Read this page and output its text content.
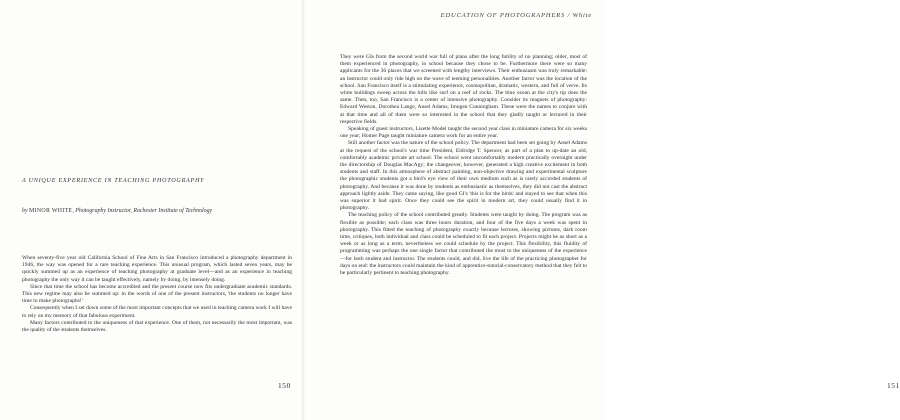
A UNIQUE EXPERIENCE IN TEACHING PHOTOGRAPHY
by MINOR WHITE, Photography Instructor, Rochester Institute of Technology

When seventy-five year old California School of Fine Arts in San Francisco introduced a photography department in 1946, the way was opened for a rare teaching experience. This unusual program, which lasted seven years, may be quickly summed up as an experience of teaching photography at graduate level—and as an experience in teaching photography the only way it can be taught effectively, namely by doing, by intensely doing.

Since that time the school has become accredited and the present course now fits undergraduate academic standards. This new regime may also be summed up: in the words of one of the present instructors, 'the students no longer have time to make photographs!'

Consequently when I set down some of the most important concepts that we used in teaching camera work I will have to rely on my memory of that fabulous experiment.

Many factors contributed to the uniqueness of that experience. One of them, not necessarily the most important, was the quality of the students themselves.

150
EDUCATION OF PHOTOGRAPHERS / White
151

They were GIs from the second world war full of plans after the long futility of no planning; older, most of them experienced in photography, in school because they chose to be. Furthermore there were so many applicants for the 36 places that we screened with lengthy interviews. Their enthusiasm was truly remarkable: an instructor could only ride high on the wave of teeming personalities. Another factor was the location of the school. San Francisco itself is a stimulating experience, cosmopolitan, dramatic, western, and full of verve. Its white buildings sweep across the hills like surf on a reef of rocks. The blue ocean at the city's tip does the same. Then, too, San Francisco is a center of intensive photography. Consider its magnets of photography: Edward Weston, Dorothea Lange, Ansel Adams, Imogen Cunningham. These were the names to conjure with at that time and all of them were so interested in the school that they gladly taught or lectured in their respective fields.

Speaking of guest instructors, Lisette Model taught the second year class in miniature camera for six weeks one year; Homer Page taught miniature camera work for an entire year.

Still another factor was the nature of the school policy. The department had been set going by Ansel Adams at the request of the school's war time President, Eldridge T. Spencer, as part of a plan to up-date an old, comfortably academic private art school. The school went uncomfortably modern practically overnight under the directorship of Douglas MacAgy; the changeover, however, generated a high creative excitement in both students and staff. In this atmosphere of abstract painting, non-objective drawing and experimental sculpture the photographic students got a bird's eye view of their own medium such as is rarely accorded students of photography. And because it was done by students as enthusiastic as themselves, they did not cast the abstract approach lightly aside. They came saying, like good GI's 'this is for the birds' and stayed to see that when this was superior it had spirit. Once they could see the spirit in modern art, they could usually find it in photography.

The teaching policy of the school contributed greatly. Students were taught by doing. The program was as flexible as possible; each class was three hours duration, and four of the five days a week was spent in photography. This fitted the teaching of photography exactly because lectures, showing pictures, dark room time, critiques, both individual and class could be scheduled to fit each project. Projects might be as short as a week or as long as a term, nevertheless we could schedule by the project. This flexibility, this fluidity of programming was perhaps the one single factor that contributed the most to the uniqueness of the experience—for both student and instructor. The students could, and did, live the life of the practicing photographer for days on end: the instructors could maintain the kind of apprentice-tutorial-conservatory method that they felt to be particularly pertinent to teaching photography.
